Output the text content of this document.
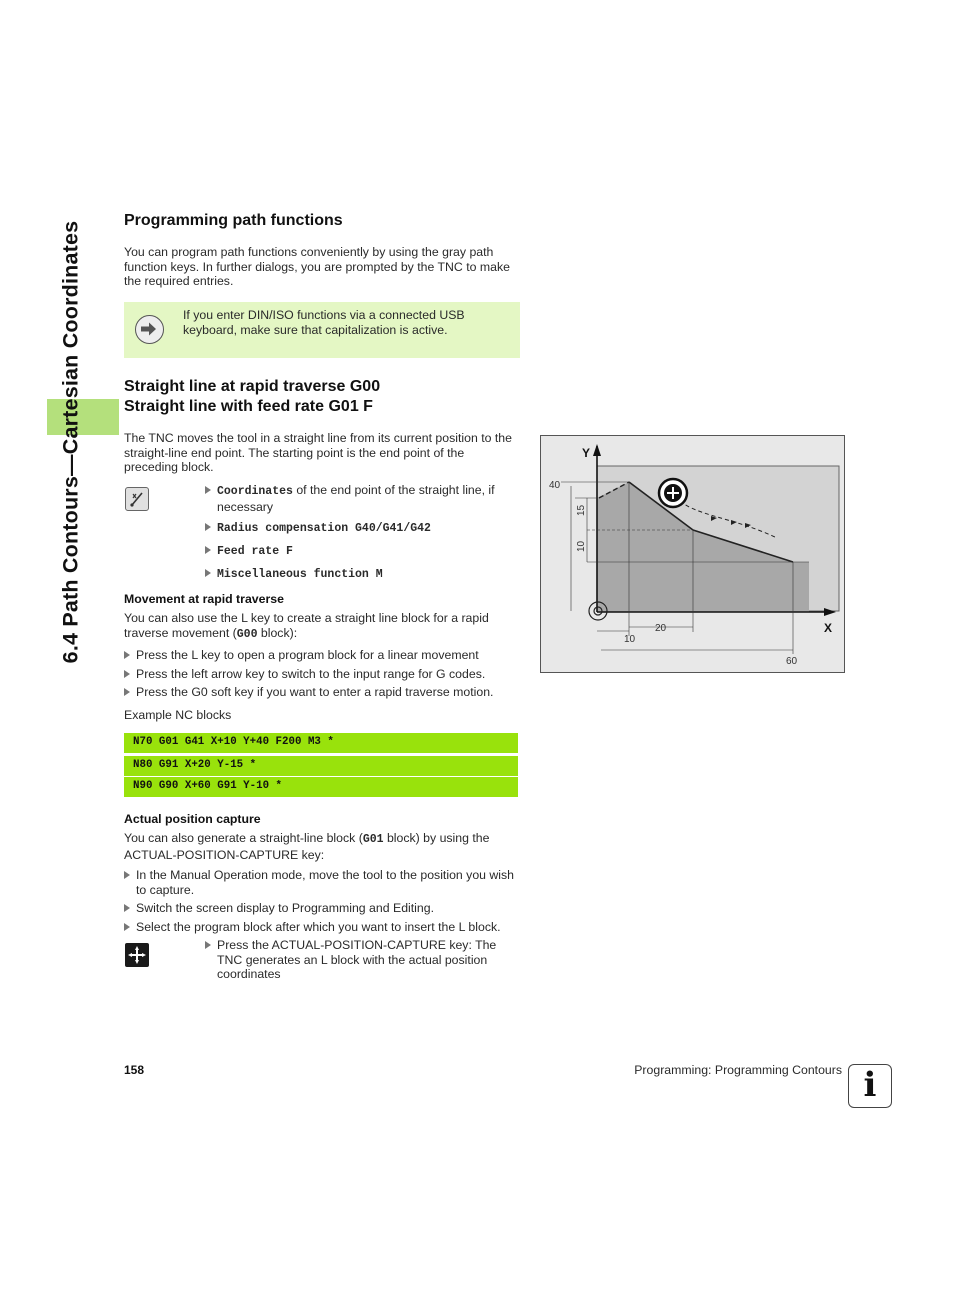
6.4 Path Contours—Cartesian Coordinates
Programming path functions

You can program path functions conveniently by using the gray path function keys. In further dialogs, you are prompted by the TNC to make the required entries.

If you enter DIN/ISO functions via a connected USB keyboard, make sure that capitalization is active.

Straight line at rapid traverse G00
Straight line with feed rate G01 F

The TNC moves the tool in a straight line from its current position to the straight-line end point. The starting point is the end point of the preceding block.

Coordinates of the end point of the straight line, if
necessary
Radius compensation G40/G41/G42
Feed rate F
Miscellaneous function M
Movement at rapid traverse

You can also use the L key to create a straight line block for a rapid traverse movement (G00 block):

Press the L key to open a program block for a linear movement
Press the left arrow key to switch to the input range for G codes.
Press the G0 soft key if you want to enter a rapid traverse motion.

Example NC blocks

N70 G01 G41 X+10 Y+40 F200 M3 *
N80 G91 X+20 Y-15 *
N90 G90 X+60 G91 Y-10 *
Actual position capture

You can also generate a straight-line block (G01 block) by using the ACTUAL-POSITION-CAPTURE key:

In the Manual Operation mode, move the tool to the position you wish to capture.
Switch the screen display to Programming and Editing.
Select the program block after which you want to insert the L block.
Press the ACTUAL-POSITION-CAPTURE key: The TNC generates an L block with the actual position coordinates
Y
X
40
15
10
20
10
60
158	Programming: Programming Contours i
